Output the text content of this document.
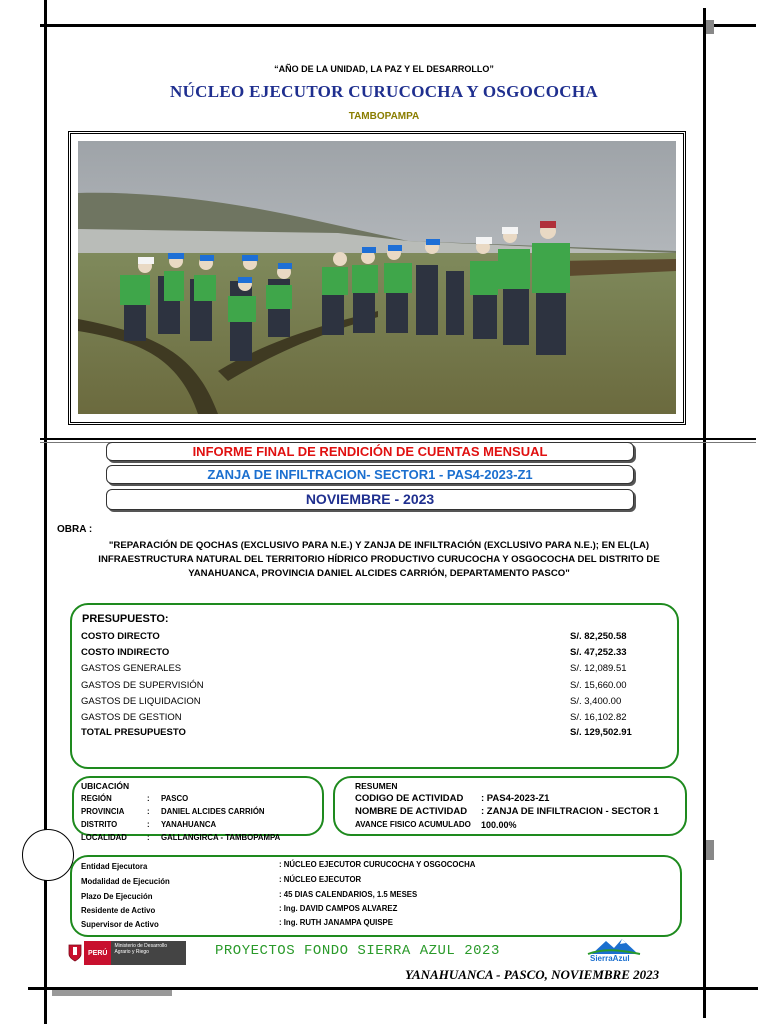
“AÑO DE LA UNIDAD, LA PAZ Y EL DESARROLLO”
NÚCLEO EJECUTOR CURUCOCHA Y OSGOCOCHA
TAMBOPAMPA
INFORME FINAL DE RENDICIÓN DE CUENTAS MENSUAL
ZANJA DE INFILTRACION- SECTOR1 - PAS4-2023-Z1
NOVIEMBRE - 2023
OBRA :
"REPARACIÓN DE QOCHAS (EXCLUSIVO PARA N.E.) Y ZANJA DE INFILTRACIÓN (EXCLUSIVO PARA N.E.); EN EL(LA)
INFRAESTRUCTURA NATURAL DEL TERRITORIO HÍDRICO PRODUCTIVO CURUCOCHA Y OSGOCOCHA DEL DISTRITO DE
YANAHUANCA, PROVINCIA DANIEL ALCIDES CARRIÓN, DEPARTAMENTO PASCO"
PRESUPUESTO:
COSTO DIRECTO	S/. 82,250.58
COSTO INDIRECTO	S/. 47,252.33
GASTOS GENERALES	S/. 12,089.51
GASTOS DE SUPERVISIÓN	S/. 15,660.00
GASTOS DE LIQUIDACION	S/. 3,400.00
GASTOS DE GESTION	S/. 16,102.82
TOTAL PRESUPUESTO	S/. 129,502.91
UBICACIÓN
REGIÓN	: PASCO
PROVINCIA	: DANIEL ALCIDES CARRIÓN
DISTRITO	: YANAHUANCA
LOCALIDAD	: GALLANGIRCA - TAMBOPAMPA
RESUMEN
CODIGO DE ACTIVIDAD : PAS4-2023-Z1
NOMBRE DE ACTIVIDAD : ZANJA DE INFILTRACION - SECTOR 1
AVANCE FISICO ACUMULADO 100.00%
Entidad Ejecutora	: NÚCLEO EJECUTOR CURUCOCHA Y OSGOCOCHA
Modalidad de Ejecución	: NÚCLEO EJECUTOR
Plazo De Ejecución	: 45 DIAS CALENDARIOS, 1.5 MESES
Residente de Activo	: Ing. DAVID CAMPOS ALVAREZ
Supervisor de Activo	: Ing. RUTH JANAMPA QUISPE
PERÚ
Ministerio de Desarrollo Agrario y Riego	PROYECTOS FONDO SIERRA AZUL 2023	SierraAzul
YANAHUANCA - PASCO, NOVIEMBRE 2023
